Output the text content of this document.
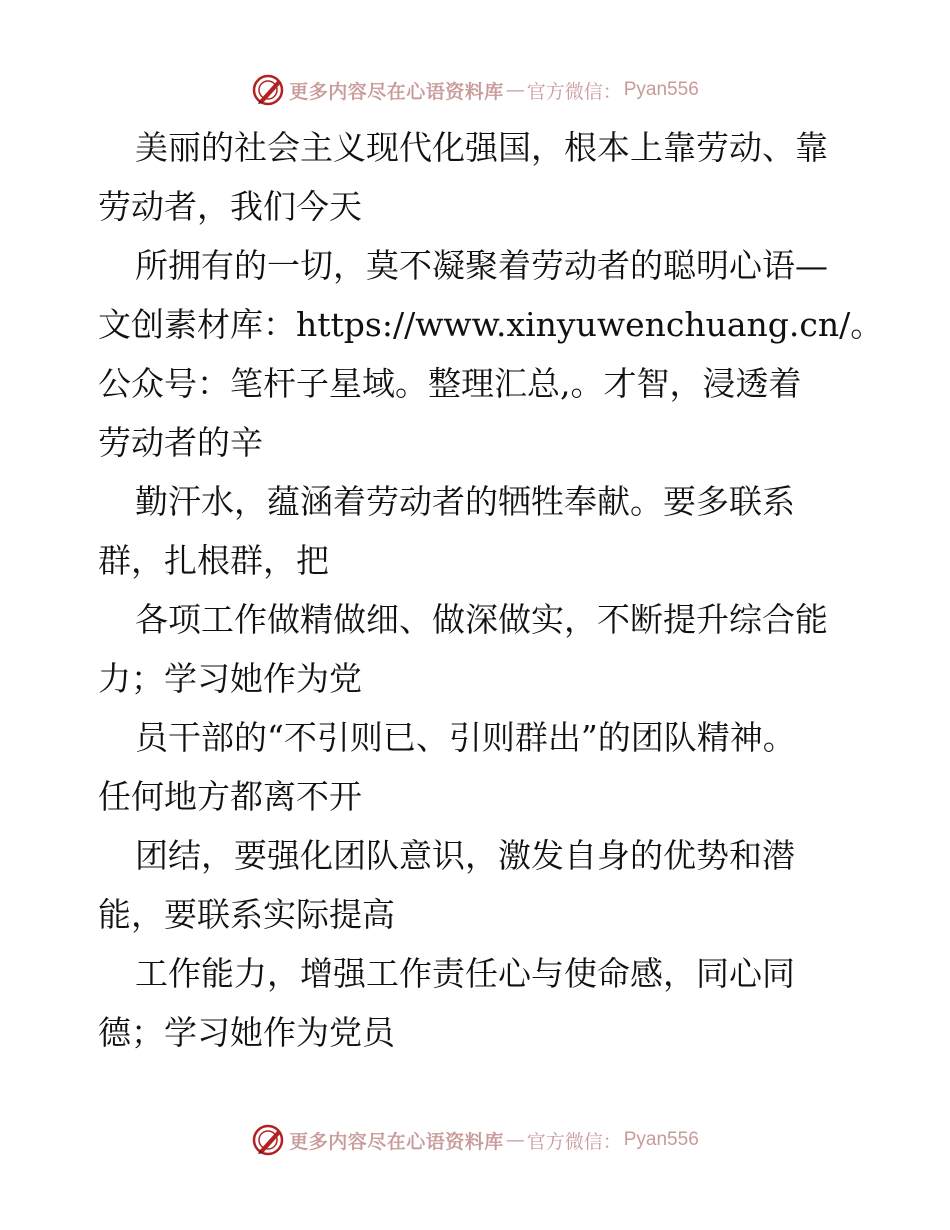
更多内容尽在心语资料库 — 官方微信： Pyan556
美丽的社会主义现代化强国，根本上靠劳动、靠
劳动者，我们今天
所拥有的一切，莫不凝聚着劳动者的聪明心语—
文创素材库：https://www.xinyuwenchuang.cn/。
公众号：笔杆子星域。整理汇总,。才智，浸透着
劳动者的辛
勤汗水，蕴涵着劳动者的牺牲奉献。要多联系
群，扎根群，把
各项工作做精做细、做深做实，不断提升综合能
力；学习她作为党
员干部的“不引则已、引则群出”的团队精神。
任何地方都离不开
团结，要强化团队意识，激发自身的优势和潜
能，要联系实际提高
工作能力，增强工作责任心与使命感，同心同
德；学习她作为党员
更多内容尽在心语资料库 — 官方微信： Pyan556
